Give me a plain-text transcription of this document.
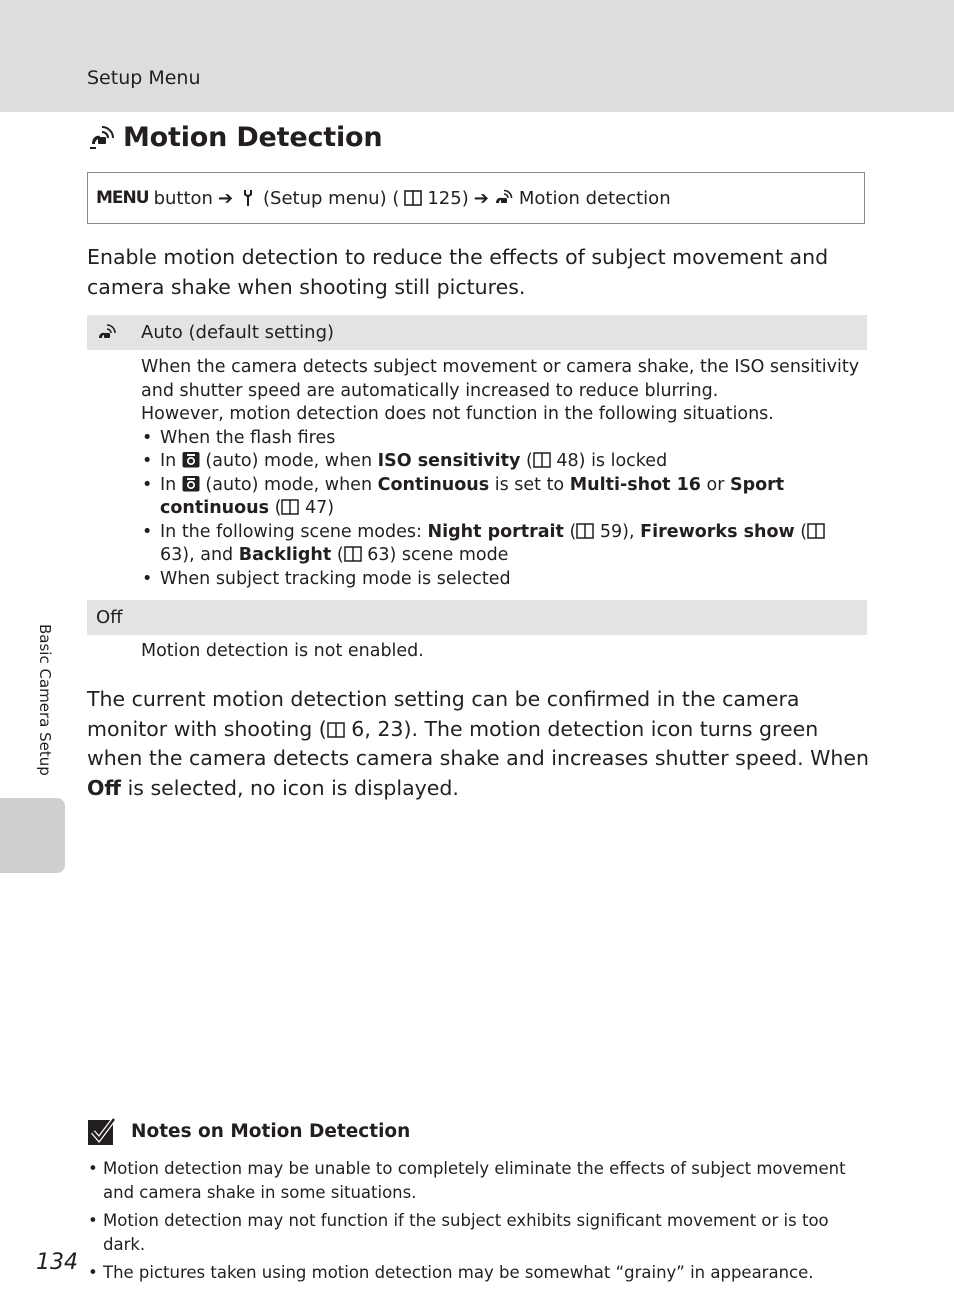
Setup Menu
Motion Detection
MENU button ➔ (Setup menu) ( 125) ➔ Motion detection

Enable motion detection to reduce the effects of subject movement and camera shake when shooting still pictures.

Auto (default setting)

When the camera detects subject movement or camera shake, the ISO sensitivity and shutter speed are automatically increased to reduce blurring.

However, motion detection does not function in the following situations.

• When the flash fires
• In (auto) mode, when ISO sensitivity ( 48) is locked
• In (auto) mode, when Continuous is set to Multi-shot 16 or Sport continuous ( 47)
• In the following scene modes: Night portrait ( 59), Fireworks show (
63), and Backlight ( 63) scene mode
• When subject tracking mode is selected
Off

Motion detection is not enabled.

The current motion detection setting can be confirmed in the camera monitor with shooting ( 6, 23). The motion detection icon turns green when the camera detects camera shake and increases shutter speed. When Off is selected, no icon is displayed.

Basic Camera Setup
Notes on Motion Detection
• Motion detection may be unable to completely eliminate the effects of subject movement and camera shake in some situations.
• Motion detection may not function if the subject exhibits significant movement or is too dark.
• The pictures taken using motion detection may be somewhat “grainy” in appearance.
134
